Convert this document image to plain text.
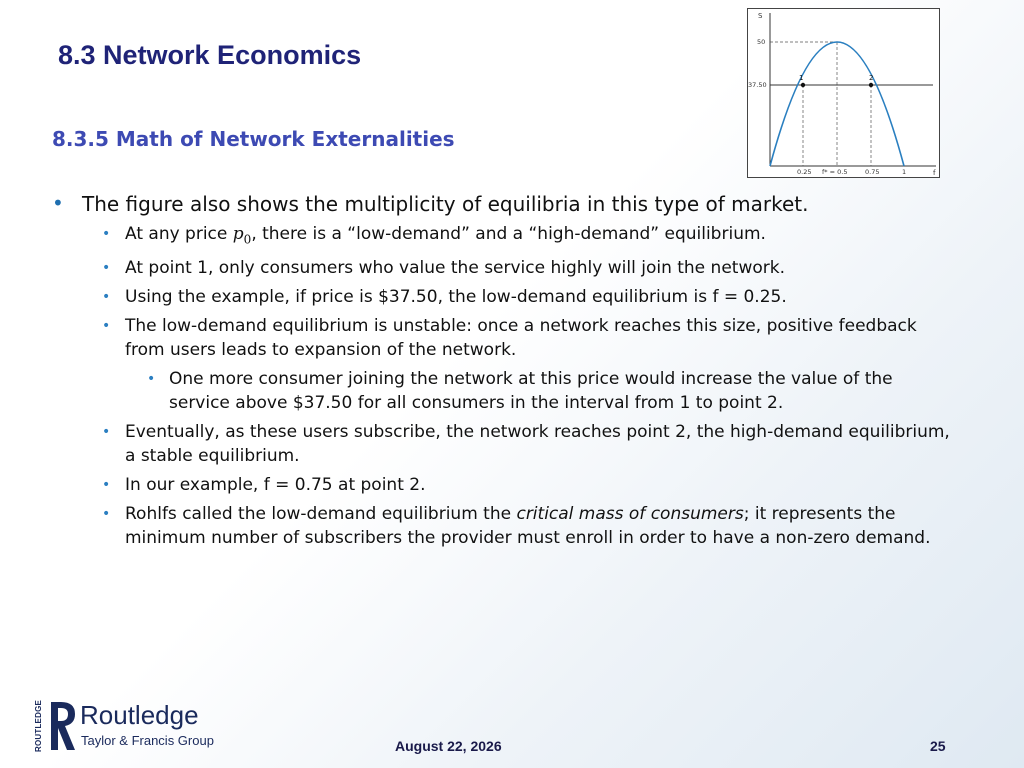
8.3 Network Economics
8.3.5 Math of Network Externalities
S
f
1	2
50
37.50
0.25 f* = 0.5	0.75	1
• The figure also shows the multiplicity of equilibria in this type of market.
• At any price $p_0$, there is a “low-demand” and a “high-demand” equilibrium.
• At point 1, only consumers who value the service highly will join the network.
• Using the example, if price is $37.50, the low-demand equilibrium is f = 0.25.
• The low-demand equilibrium is unstable: once a network reaches this size, positive feedback from users leads to expansion of the network.
• One more consumer joining the network at this price would increase the value of the service above $37.50 for all consumers in the interval from 1 to point 2.
• Eventually, as these users subscribe, the network reaches point 2, the high-demand equilibrium, a stable equilibrium.
• In our example, f = 0.75 at point 2.
• Rohlfs called the low-demand equilibrium the critical mass of consumers; it represents the minimum number of subscribers the provider must enroll in order to have a non-zero demand.
ROUTLEDGE Routledge
Taylor & Francis Group	August 22, 2026	25
